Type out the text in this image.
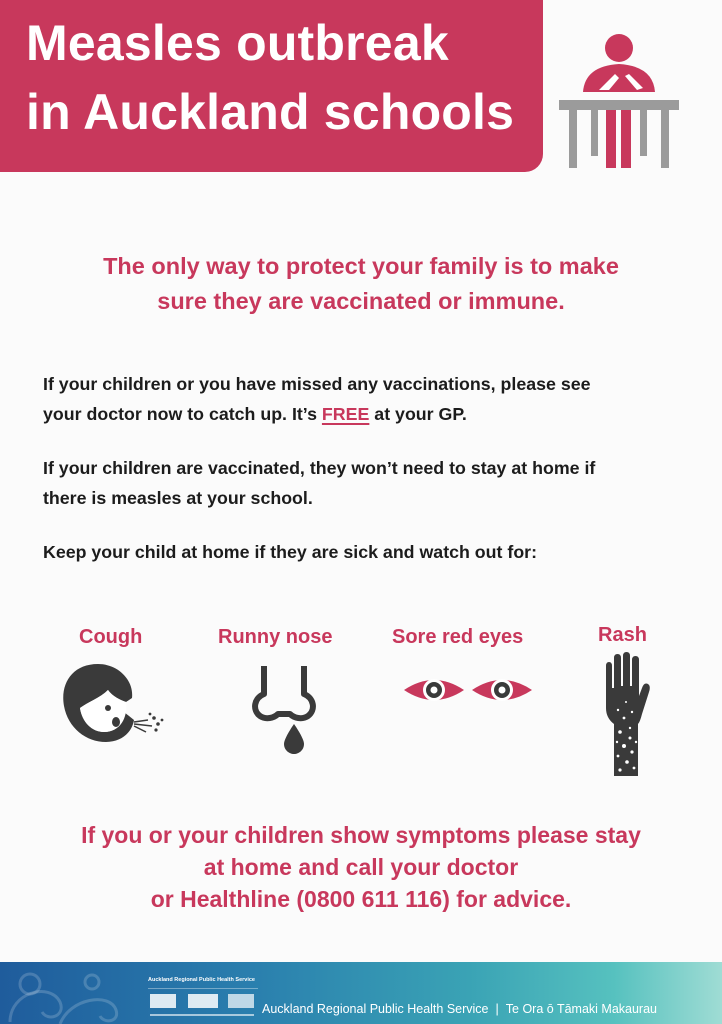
Measles outbreak
in Auckland schools
The only way to protect your family is to make
sure they are vaccinated or immune.
If your children or you have missed any vaccinations, please see
your doctor now to catch up. It’s FREE at your GP.
If your children are vaccinated, they won’t need to stay at home if
there is measles at your school.
Keep your child at home if they are sick and watch out for:
Cough	Runny nose	Sore red eyes	Rash
If you or your children show symptoms please stay
at home and call your doctor
or Healthline (0800 611 116) for advice.
Auckland Regional Public Health Service
Auckland Regional Public Health Service | Te Ora ō Tāmaki Makaurau
